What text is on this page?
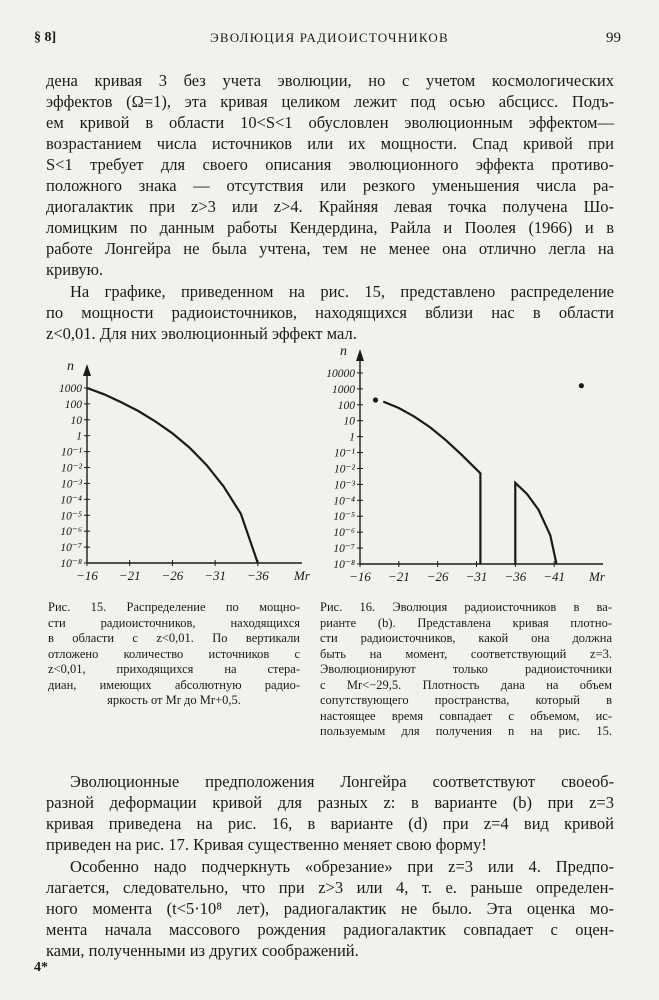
§ 8]	ЭВОЛЮЦИЯ РАДИОИСТОЧНИКОВ	99
дена кривая 3 без учета эволюции, но с учетом космологических
эффектов (Ω=1), эта кривая целиком лежит под осью абсцисс. Подъ-
ем кривой в области 10<S<1 обусловлен эволюционным эффектом—
возрастанием числа источников или их мощности. Спад кривой при
S<1 требует для своего описания эволюционного эффекта противо-
положного знака — отсутствия или резкого уменьшения числа ра-
диогалактик при z>3 или z>4. Крайняя левая точка получена Шо-
ломицким по данным работы Кендердина, Райла и Поолея (1966) и в
работе Лонгейра не была учтена, тем не менее она отлично легла на
кривую.
На графике, приведенном на рис. 15, представлено распределение
по мощности радиоисточников, находящихся вблизи нас в области
z<0,01. Для них эволюционный эффект мал.
n
1000
100
10
1
10⁻¹
10⁻²
10⁻³
10⁻⁴
10⁻⁵
10⁻⁶
10⁻⁷
10⁻⁸
−16 −21 −26 −31 −36 Mr
n
10000
1000
100
10
1
10⁻¹
10⁻²
10⁻³
10⁻⁴
10⁻⁵
10⁻⁶
10⁻⁷
10⁻⁸
−16 −21 −26 −31 −36 −41 Mr
Рис. 15. Распределение по мощно-
сти радиоисточников, находящихся
в области с z<0,01. По вертикали
отложено количество источников с
z<0,01, приходящихся на стера-
диан, имеющих абсолютную радио-
яркость от Mr до Mr+0,5.
Рис. 16. Эволюция радиоисточников в ва-
рианте (b). Представлена кривая плотно-
сти радиоисточников, какой она должна
быть на момент, соответствующий z=3.
Эволюционируют только радиоисточники
с Mr<−29,5. Плотность дана на объем
сопутствующего пространства, который в
настоящее время совпадает с объемом, ис-
пользуемым для получения n на рис. 15.
Эволюционные предположения Лонгейра соответствуют своеоб-
разной деформации кривой для разных z: в варианте (b) при z=3
кривая приведена на рис. 16, в варианте (d) при z=4 вид кривой
приведен на рис. 17. Кривая существенно меняет свою форму!
Особенно надо подчеркнуть «обрезание» при z=3 или 4. Предпо-
лагается, следовательно, что при z>3 или 4, т. е. раньше определен-
ного момента (t<5·10⁸ лет), радиогалактик не было. Эта оценка мо-
мента начала массового рождения радиогалактик совпадает с оцен-
ками, полученными из других соображений.
4*
